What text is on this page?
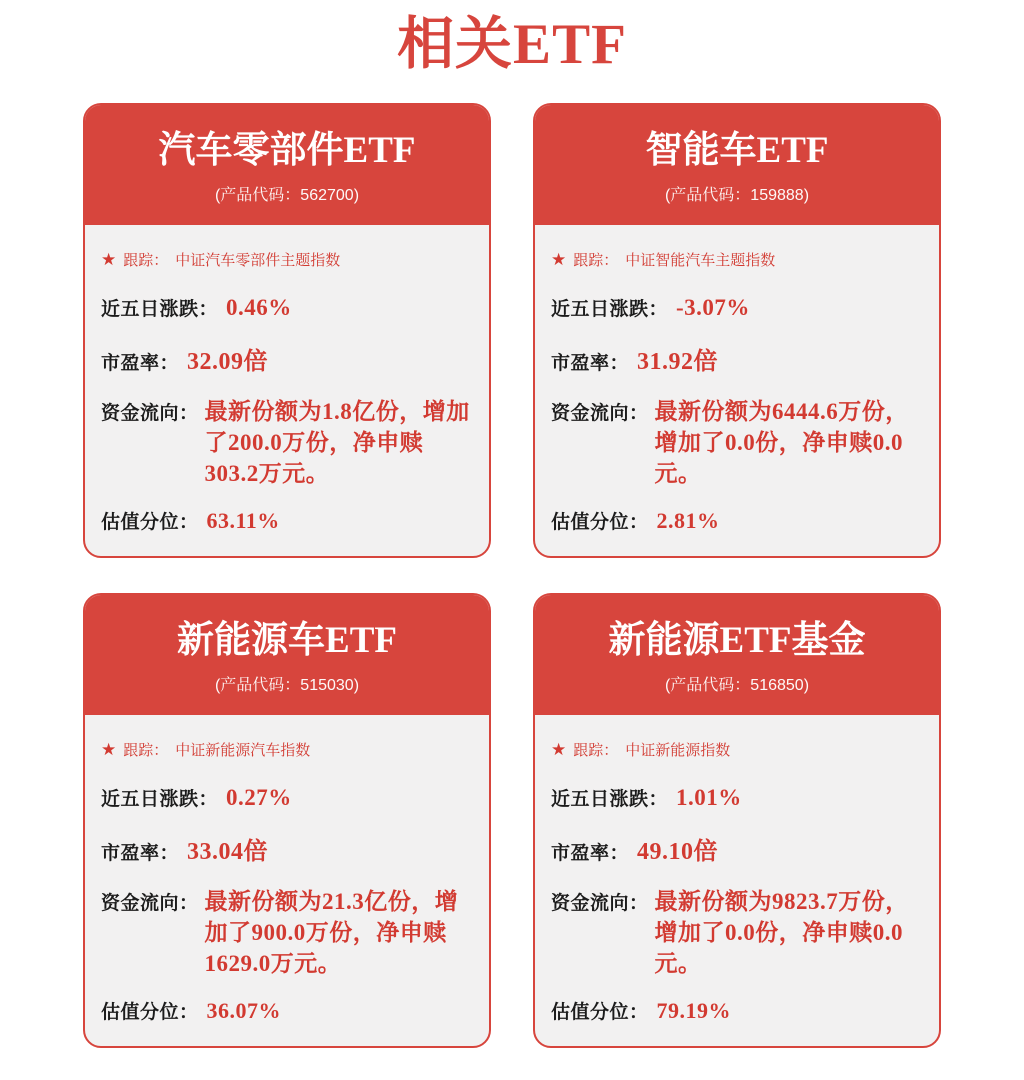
相关ETF
汽车零部件ETF
(产品代码：562700)
★ 跟踪： 中证汽车零部件主题指数
近五日涨跌： 0.46%
市盈率： 32.09倍
资金流向： 最新份额为1.8亿份，增加了200.0万份，净申赎303.2万元。
估值分位： 63.11%
智能车ETF
(产品代码：159888)
★ 跟踪： 中证智能汽车主题指数
近五日涨跌： -3.07%
市盈率： 31.92倍
资金流向： 最新份额为6444.6万份，增加了0.0份，净申赎0.0元。
估值分位： 2.81%
新能源车ETF
(产品代码：515030)
★ 跟踪： 中证新能源汽车指数
近五日涨跌： 0.27%
市盈率： 33.04倍
资金流向： 最新份额为21.3亿份，增加了900.0万份，净申赎1629.0万元。
估值分位： 36.07%
新能源ETF基金
(产品代码：516850)
★ 跟踪： 中证新能源指数
近五日涨跌： 1.01%
市盈率： 49.10倍
资金流向： 最新份额为9823.7万份，增加了0.0份，净申赎0.0元。
估值分位： 79.19%
